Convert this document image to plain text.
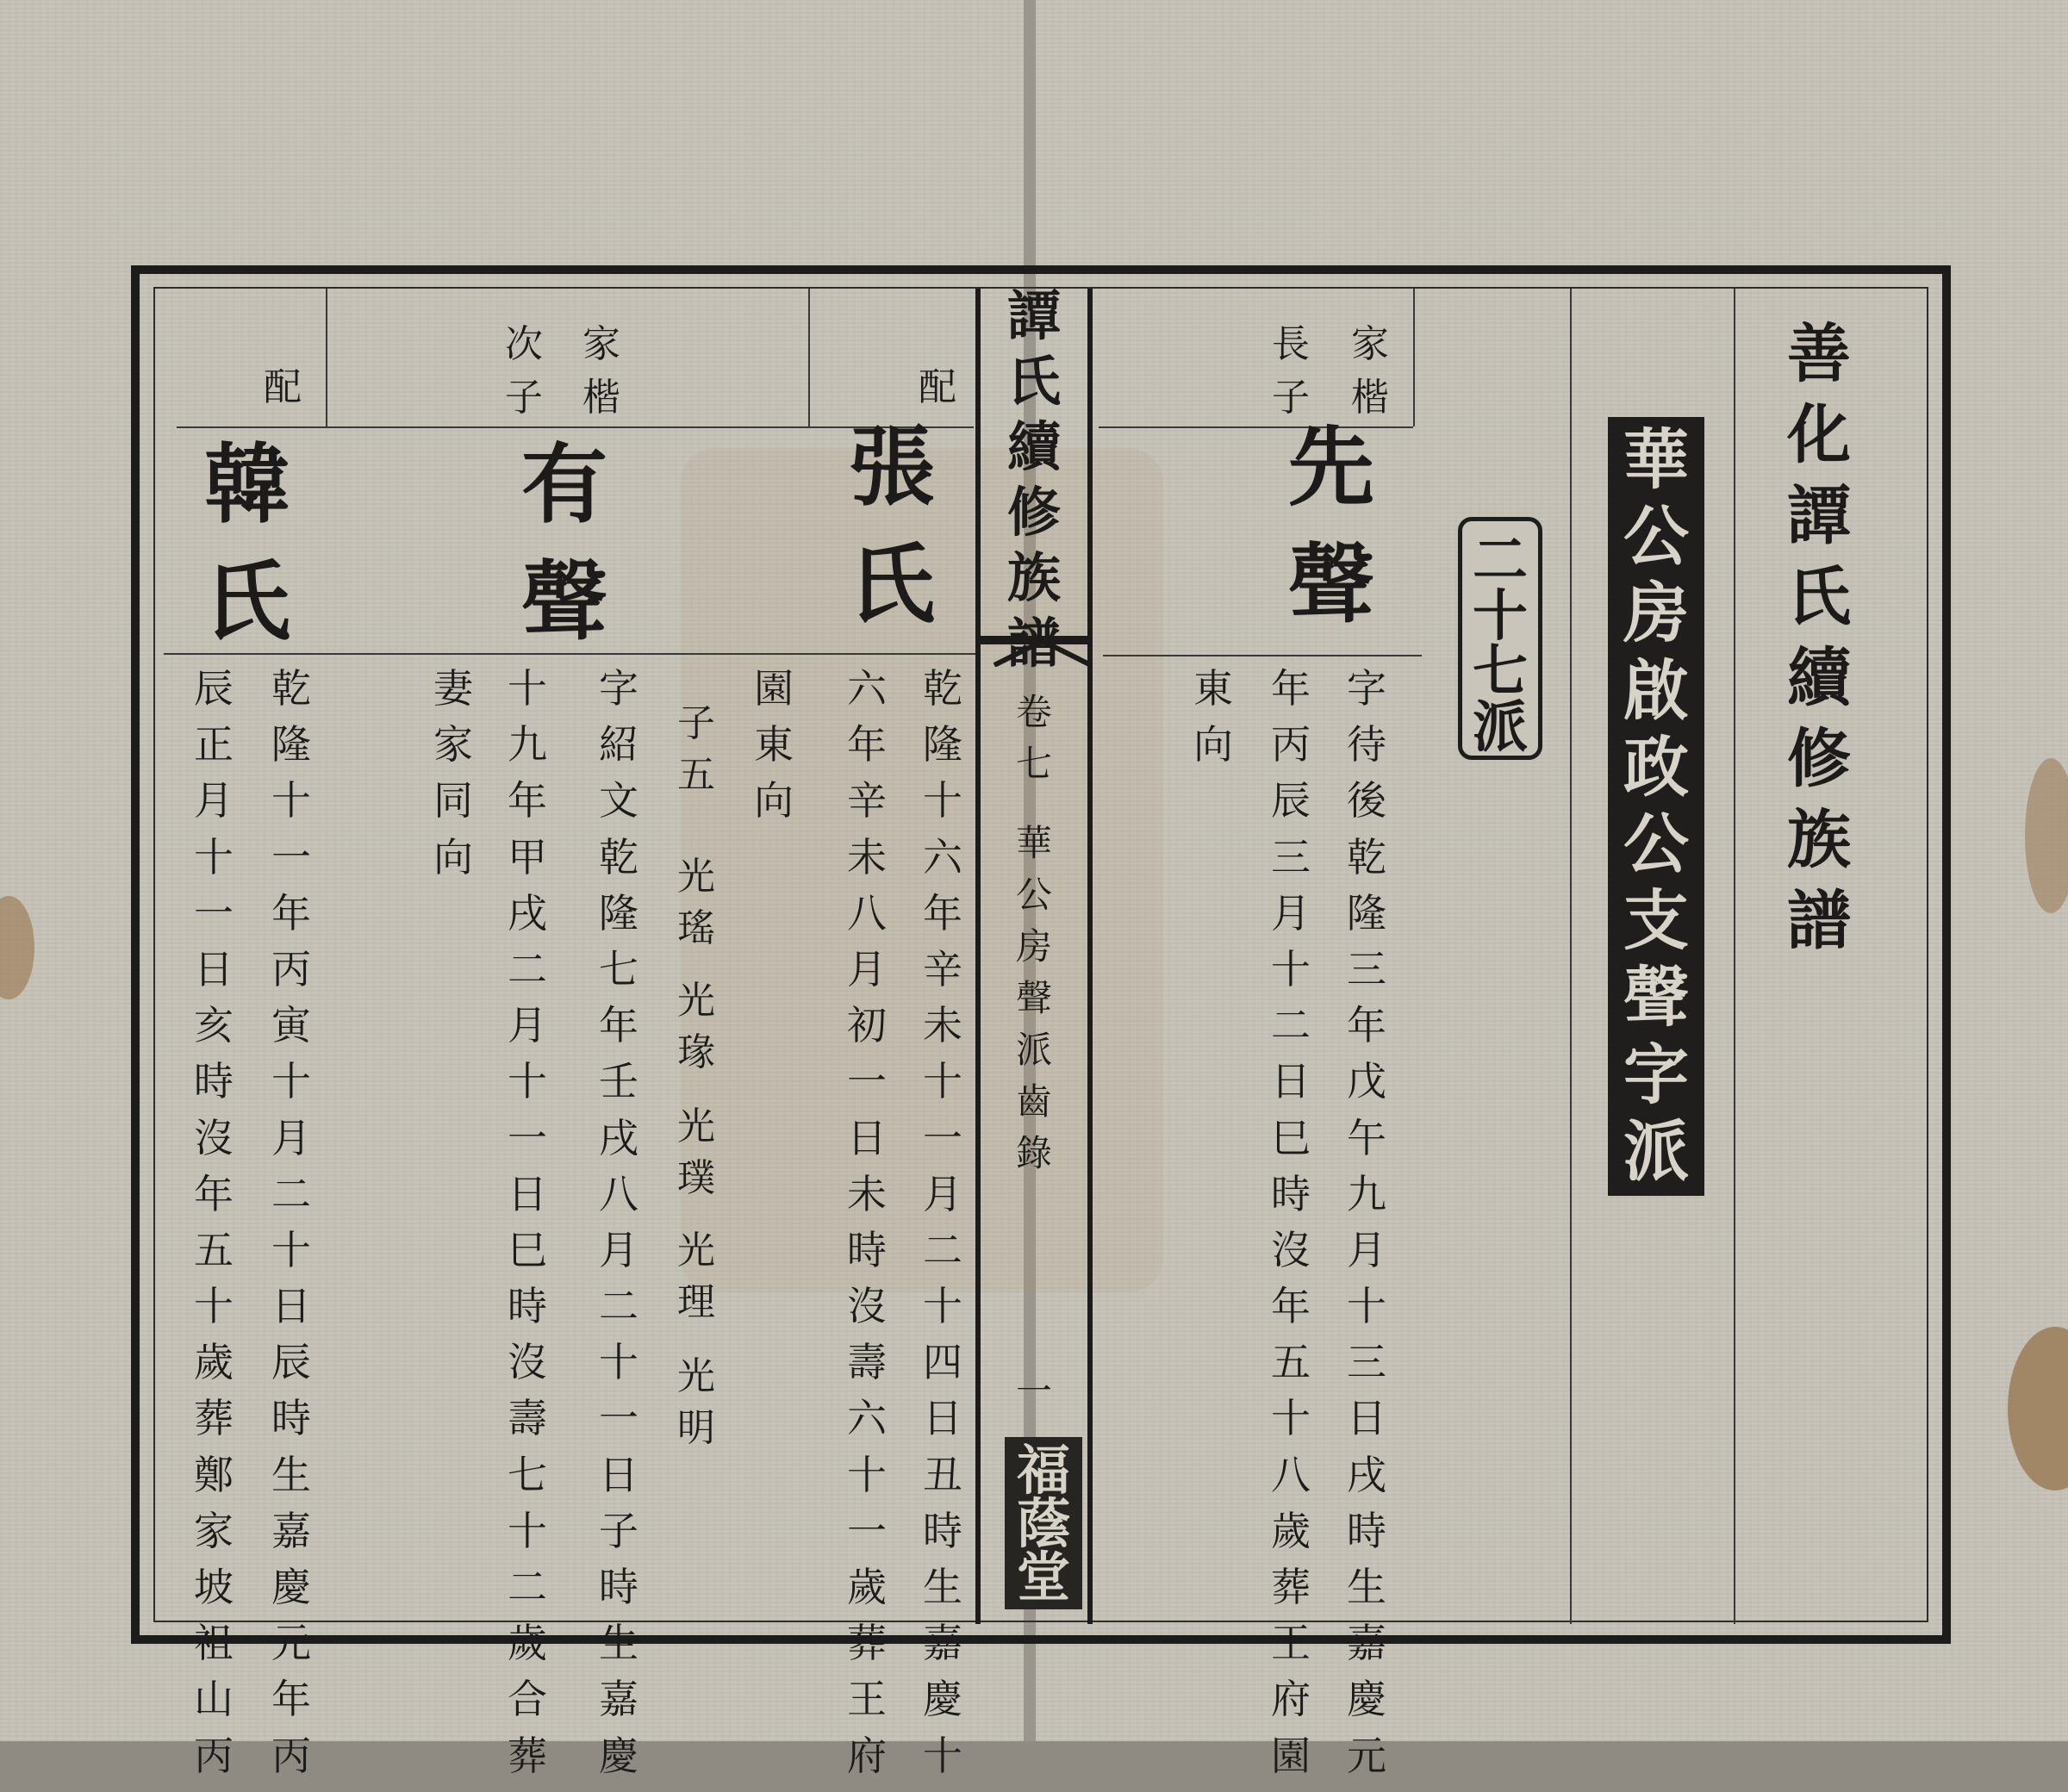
善
化
譚
氏
續
修
族
譜
華
公
房
啟
政
公
支
聲
字
派
二
十
七
派
譚
氏
續
修
族
譜
卷
七
華
公
房
聲
派
齒
錄
一
福
蔭
堂
家
楷
長
子
先
聲
字
待
後
乾
隆
三
年
戊
午
九
月
十
三
日
戌
時
生
嘉
慶
元
年
丙
辰
三
月
十
二
日
巳
時
沒
年
五
十
八
歲
葬
王
府
園
東
向
配
張
氏
乾
隆
十
六
年
辛
未
十
一
月
二
十
四
日
丑
時
生
嘉
慶
十
六
年
辛
未
八
月
初
一
日
未
時
沒
壽
六
十
一
歲
葬
王
府
園
東
向
子
五
光
瑤
光
瑑
光
璞
光
理
光
明
家
楷
次
子
有
聲
字
紹
文
乾
隆
七
年
壬
戌
八
月
二
十
一
日
子
時
生
嘉
慶
十
九
年
甲
戌
二
月
十
一
日
巳
時
沒
壽
七
十
二
歲
合
葬
妻
家
同
向
配
韓
氏
乾
隆
十
一
年
丙
寅
十
月
二
十
日
辰
時
生
嘉
慶
元
年
丙
辰
正
月
十
一
日
亥
時
沒
年
五
十
歲
葬
鄭
家
坡
祖
山
丙
